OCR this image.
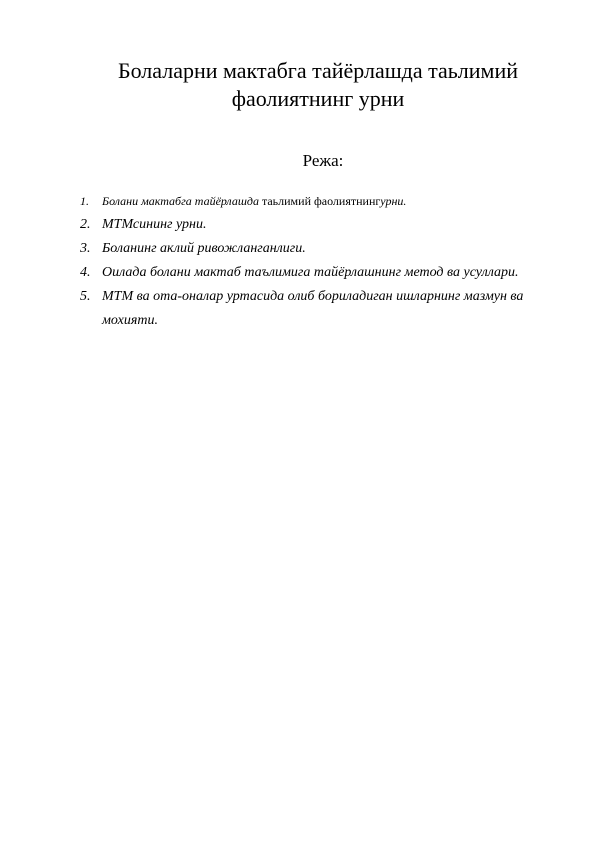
Болаларни мактабга тайёрлашда таьлимий
фаолиятнинг урни
Режа:
1. Болани мактабга тайёрлашда таьлимий фаолиятнингурни.
2. МТМсининг урни.
3. Боланинг аклий ривожланганлиги.
4. Оилада болани мактаб таълимига тайёрлашнинг метод ва усуллари.
5. МТМ ва ота-оналар уртасида олиб бориладиган ишларнинг мазмун ва мохияти.
